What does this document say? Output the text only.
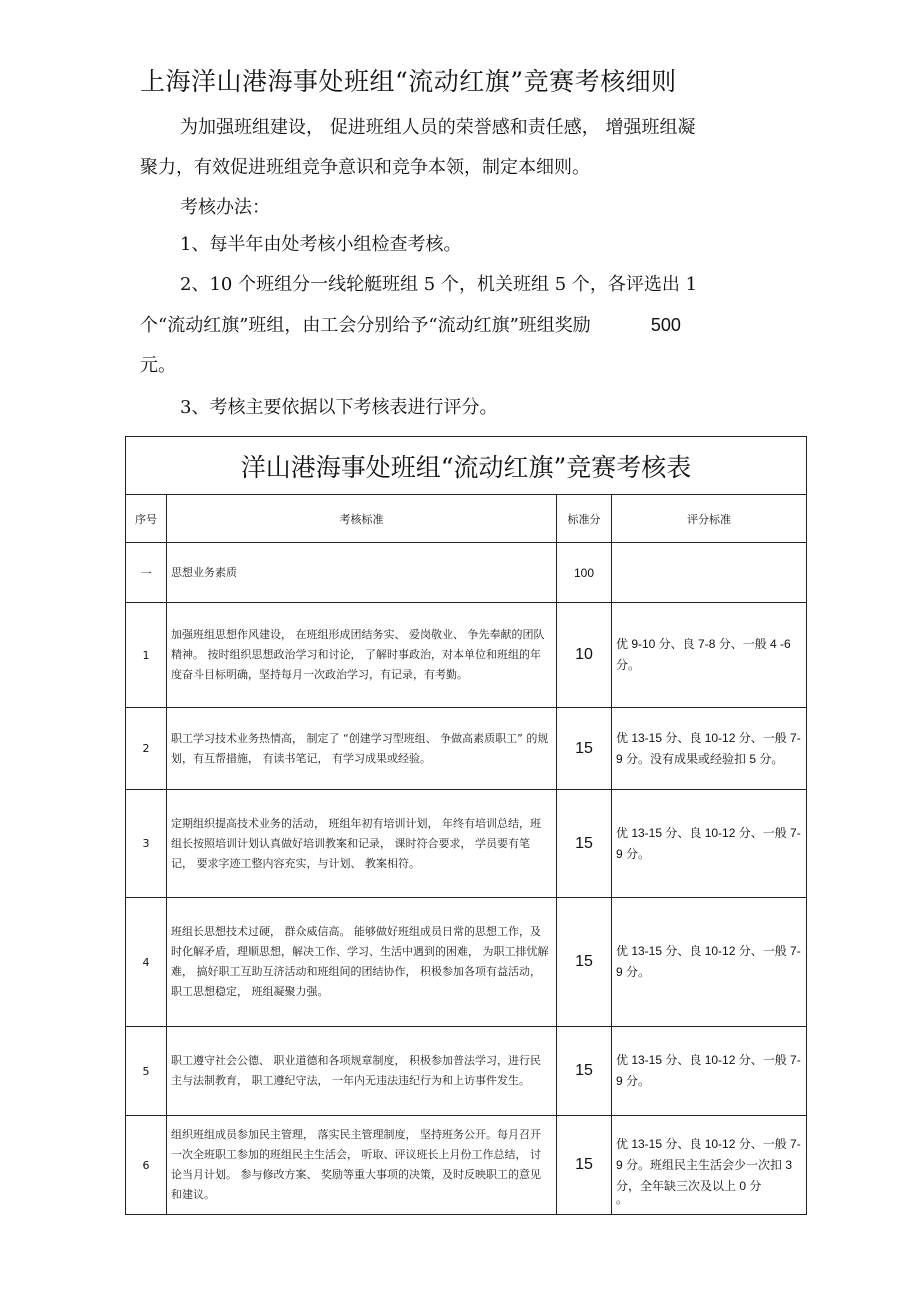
上海洋山港海事处班组“流动红旗”竞赛考核细则
为加强班组建设， 促进班组人员的荣誉感和责任感， 增强班组凝
聚力，有效促进班组竞争意识和竞争本领，制定本细则。
考核办法：
1、每半年由处考核小组检查考核。
2、10 个班组分一线轮艇班组 5 个，机关班组 5 个，各评选出 1
个“流动红旗”班组，由工会分别给予“流动红旗”班组奖励	500
元。
3、考核主要依据以下考核表进行评分。
洋山港海事处班组“流动红旗”竞赛考核表			
序号	考核标准	标准分	评分标准
一	思想业务素质	100	
1	加强班组思想作风建设， 在班组形成团结务实、 爱岗敬业、 争先奉献的团队精神。 按时组织思想政治学习和讨论， 了解时事政治，对本单位和班组的年度奋斗目标明确，坚持每月一次政治学习，有记录，有考勤。	10	优 9-10 分、良 7-8 分、一般 4 -6 分。
2	职工学习技术业务热情高， 制定了 “创建学习型班组、 争做高素质职工” 的规划，有互帮措施， 有读书笔记， 有学习成果或经验。	15	优 13-15 分、良 10-12 分、一般 7-9 分。没有成果或经验扣 5 分。
3	定期组织提高技术业务的活动， 班组年初有培训计划， 年终有培训总结，班组长按照培训计划认真做好培训教案和记录， 课时符合要求， 学员要有笔记， 要求字迹工整内容充实，与计划、 教案相符。	15	优 13-15 分、良 10-12 分、一般 7-9 分。
4	班组长思想技术过硬， 群众威信高。 能够做好班组成员日常的思想工作，及时化解矛盾，理顺思想，解决工作、学习、生活中遇到的困难， 为职工排忧解难， 搞好职工互助互济活动和班组间的团结协作， 积极参加各项有益活动， 职工思想稳定， 班组凝聚力强。	15	优 13-15 分、良 10-12 分、一般 7-9 分。
5	职工遵守社会公德、 职业道德和各项规章制度， 积极参加普法学习，进行民主与法制教育， 职工遵纪守法， 一年内无违法违纪行为和上访事件发生。	15	优 13-15 分、良 10-12 分、一般 7-9 分。
6	组织班组成员参加民主管理， 落实民主管理制度， 坚持班务公开。每月召开一次全班职工参加的班组民主生活会， 听取、评议班长上月份工作总结， 讨论当月计划。 参与修改方案、 奖励等重大事项的决策，及时反映职工的意见和建议。	15	优 13-15 分、良 10-12 分、一般 7-9 分。班组民主生活会少一次扣 3 分，全年缺三次及以上 0 分
。
